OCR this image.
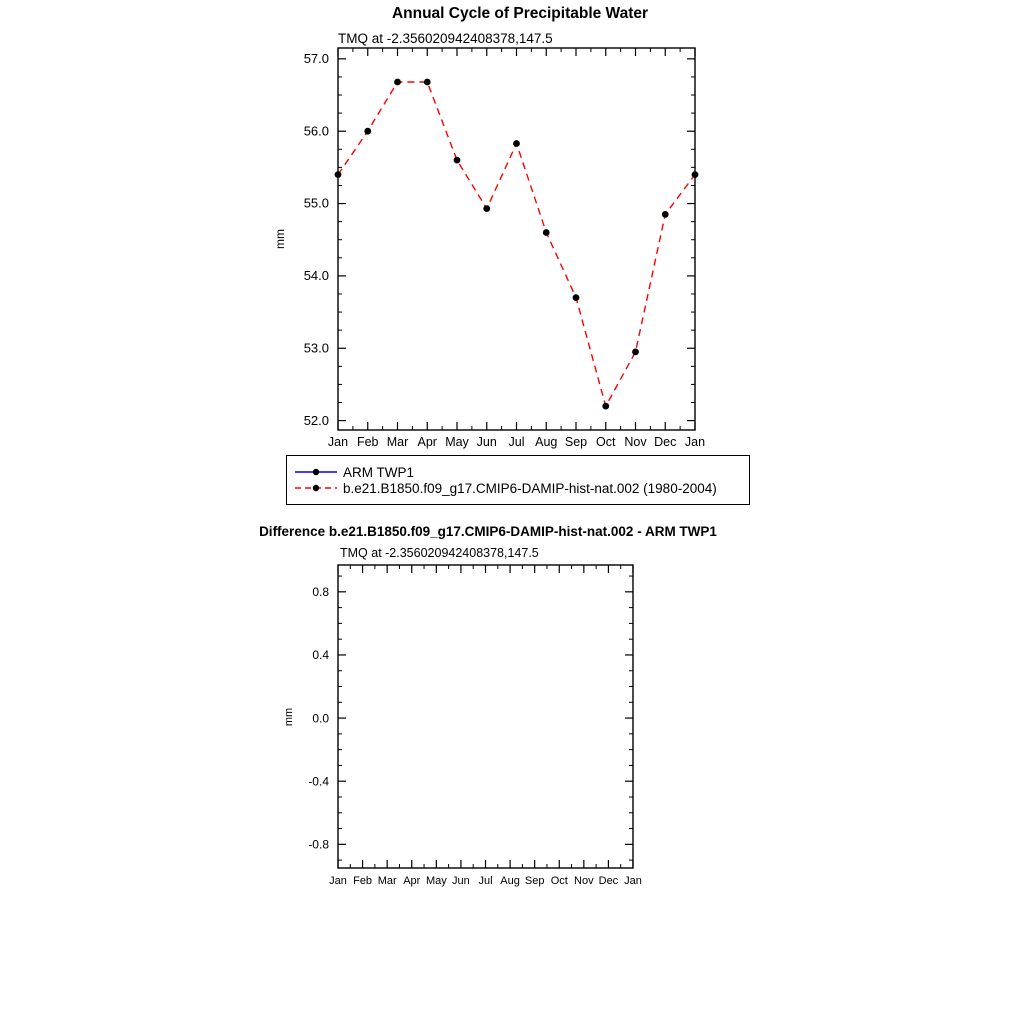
Annual Cycle of Precipitable Water
TMQ at -2.356020942408378,147.5
Jan Feb Mar Apr May Jun Jul Aug Sep Oct Nov Dec Jan
52.0
53.0
54.0
55.0
56.0
57.0
mm
ARM TWP1
b.e21.B1850.f09_g17.CMIP6-DAMIP-hist-nat.002 (1980-2004)
Difference b.e21.B1850.f09_g17.CMIP6-DAMIP-hist-nat.002 - ARM TWP1
TMQ at -2.356020942408378,147.5
Jan Feb Mar Apr May Jun Jul Aug Sep Oct Nov Dec Jan
-0.8
-0.4
0.0
0.4
0.8
mm
